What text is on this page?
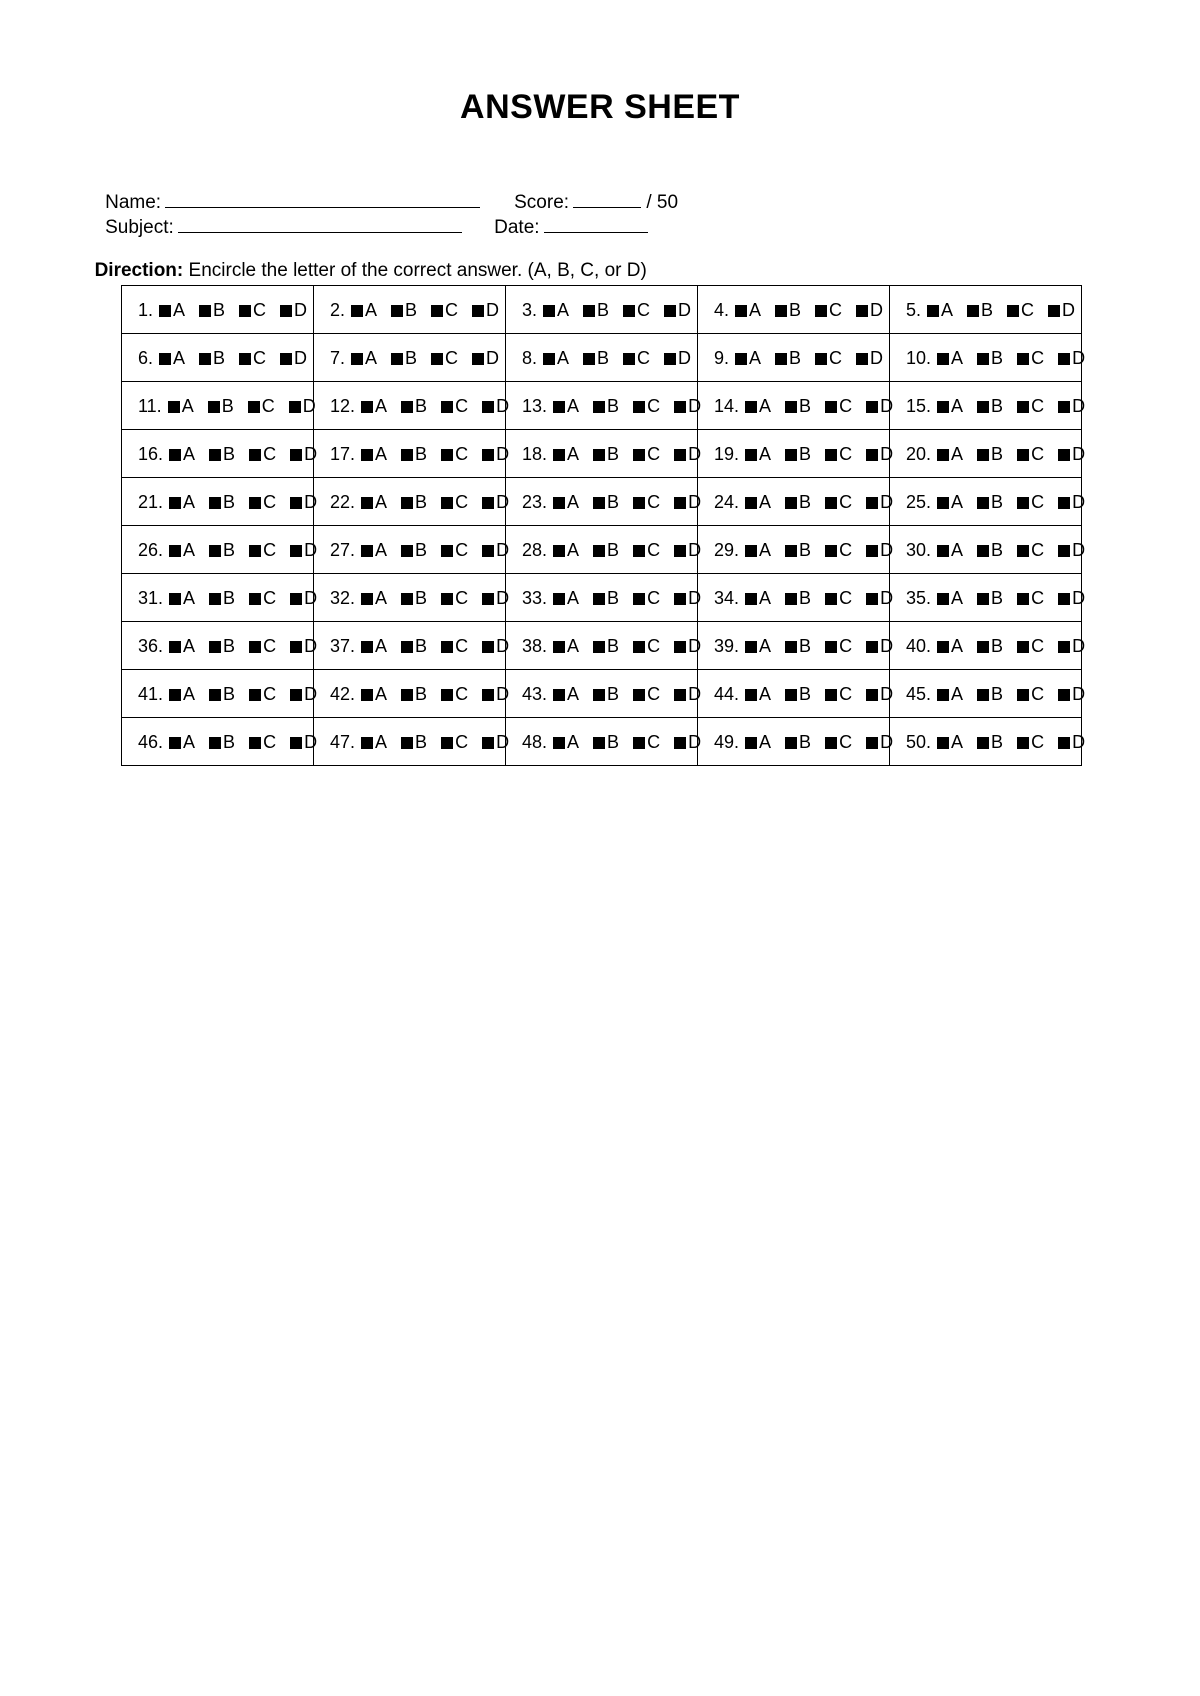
ANSWER SHEET

Name:

	Score:	/ 50

Subject:

	Date:

Direction: Encircle the letter of the correct answer. (A, B, C, or D)

1. A B C D	2. A B C D	3. A B C D	4. A B C D	5. A B C D

6. A B C D	7. A B C D	8. A B C D	9. A B C D	10. A B C D

11. A B C D	12. A B C D	13. A B C D	14. A B C D	15. A B C D

16. A B C D	17. A B C D	18. A B C D	19. A B C D	20. A B C D

21. A B C D	22. A B C D	23. A B C D	24. A B C D	25. A B C D

26. A B C D	27. A B C D	28. A B C D	29. A B C D	30. A B C D

31. A B C D	32. A B C D	33. A B C D	34. A B C D	35. A B C D

36. A B C D	37. A B C D	38. A B C D	39. A B C D	40. A B C D

41. A B C D	42. A B C D	43. A B C D	44. A B C D	45. A B C D

46. A B C D	47. A B C D	48. A B C D	49. A B C D	50. A B C D
